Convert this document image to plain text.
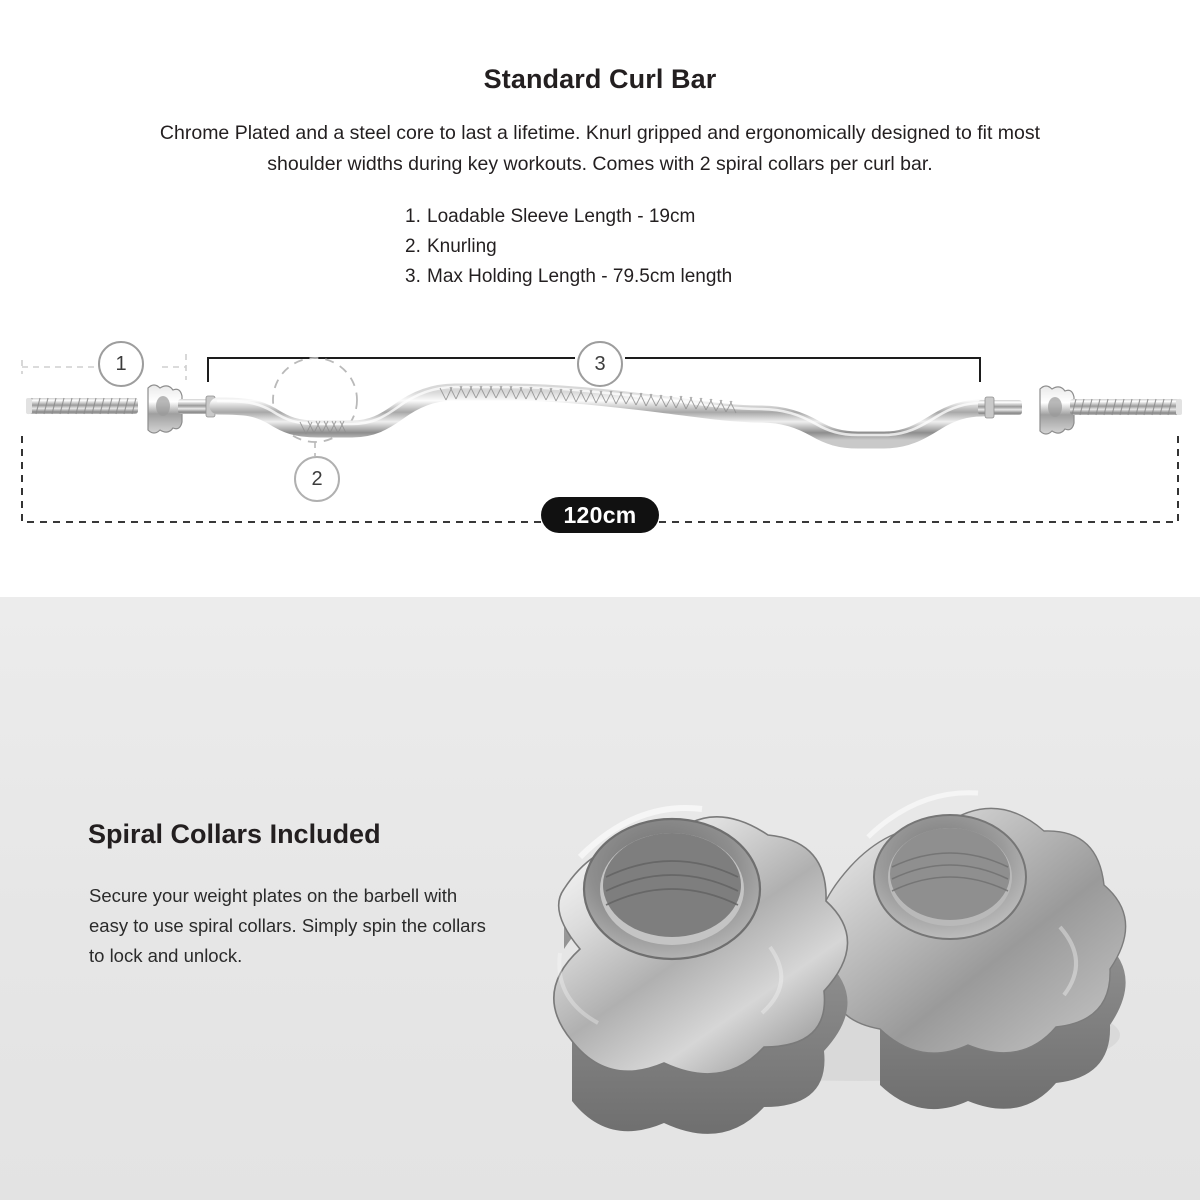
Standard Curl Bar
Chrome Plated and a steel core to last a lifetime. Knurl gripped and ergonomically designed to fit most shoulder widths during key workouts. Comes with 2 spiral collars per curl bar.
1. Loadable Sleeve Length - 19cm
2. Knurling
3. Max Holding Length - 79.5cm length
1	3
2
120cm
Spiral Collars Included
Secure your weight plates on the barbell with easy to use spiral collars. Simply spin the collars to lock and unlock.
